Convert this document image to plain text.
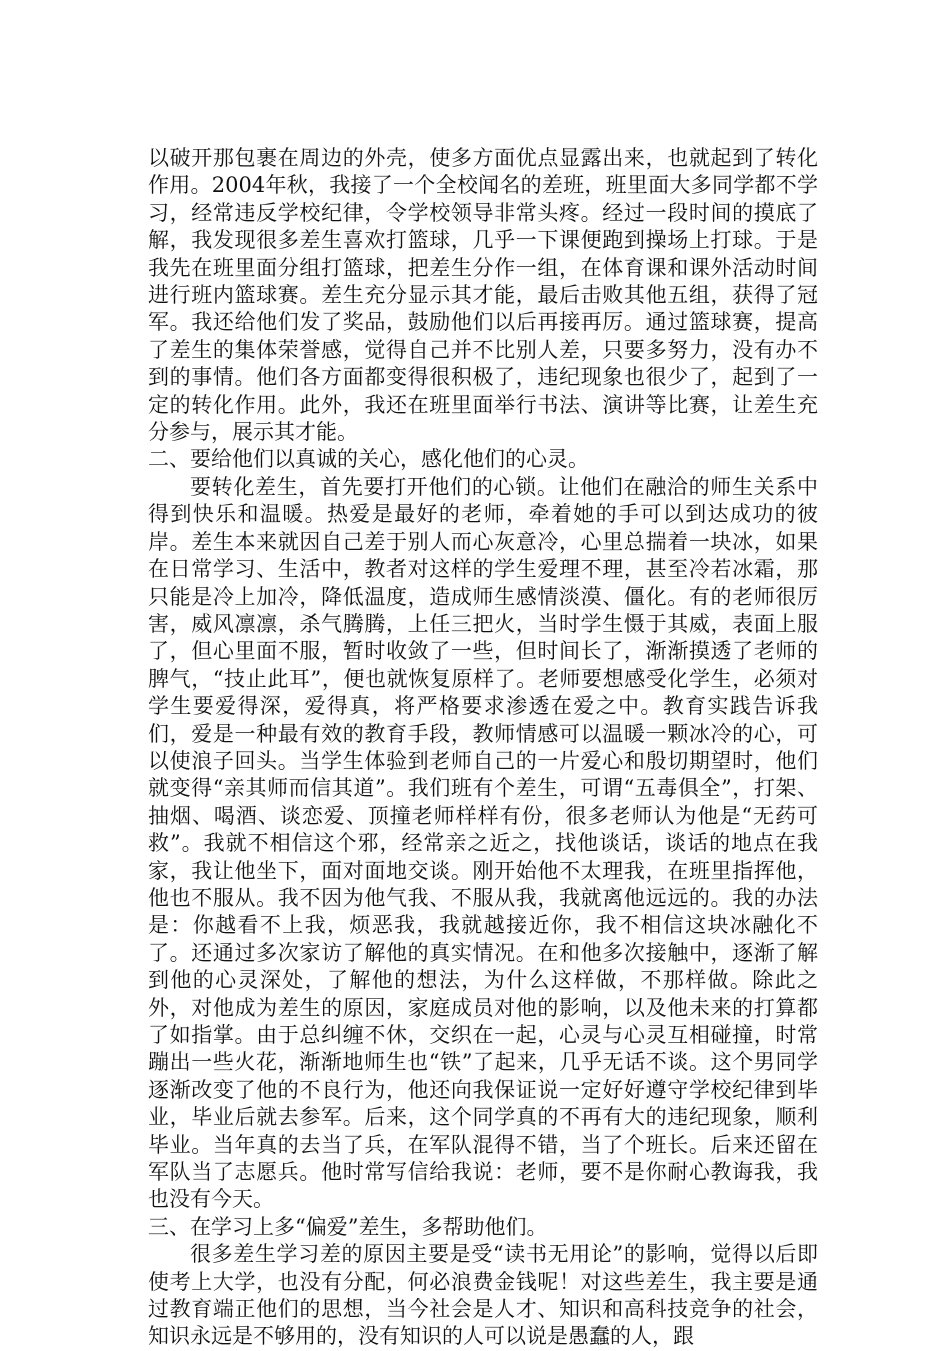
以破开那包裹在周边的外壳，使多方面优点显露出来，也就起到了转化作用。2004年秋，我接了一个全校闻名的差班，班里面大多同学都不学习，经常违反学校纪律，令学校领导非常头疼。经过一段时间的摸底了解，我发现很多差生喜欢打篮球，几乎一下课便跑到操场上打球。于是我先在班里面分组打篮球，把差生分作一组，在体育课和课外活动时间进行班内篮球赛。差生充分显示其才能，最后击败其他五组，获得了冠军。我还给他们发了奖品，鼓励他们以后再接再厉。通过篮球赛，提高了差生的集体荣誉感，觉得自己并不比别人差，只要多努力，没有办不到的事情。他们各方面都变得很积极了，违纪现象也很少了，起到了一定的转化作用。此外，我还在班里面举行书法、演讲等比赛，让差生充分参与，展示其才能。

二、要给他们以真诚的关心，感化他们的心灵。

要转化差生，首先要打开他们的心锁。让他们在融洽的师生关系中得到快乐和温暖。热爱是最好的老师，牵着她的手可以到达成功的彼岸。差生本来就因自己差于别人而心灰意冷，心里总揣着一块冰，如果在日常学习、生活中，教者对这样的学生爱理不理，甚至冷若冰霜，那只能是冷上加冷，降低温度，造成师生感情淡漠、僵化。有的老师很厉害，威风凛凛，杀气腾腾，上任三把火，当时学生慑于其威，表面上服了，但心里面不服，暂时收敛了一些，但时间长了，渐渐摸透了老师的脾气，“技止此耳”，便也就恢复原样了。老师要想感受化学生，必须对学生要爱得深，爱得真，将严格要求渗透在爱之中。教育实践告诉我们，爱是一种最有效的教育手段，教师情感可以温暖一颗冰冷的心，可以使浪子回头。当学生体验到老师自己的一片爱心和殷切期望时，他们就变得“亲其师而信其道”。我们班有个差生，可谓“五毒俱全”，打架、抽烟、喝酒、谈恋爱、顶撞老师样样有份，很多老师认为他是“无药可救”。我就不相信这个邪，经常亲之近之，找他谈话，谈话的地点在我家，我让他坐下，面对面地交谈。刚开始他不太理我，在班里指挥他，他也不服从。我不因为他气我、不服从我，我就离他远远的。我的办法是：你越看不上我，烦恶我，我就越接近你，我不相信这块冰融化不了。还通过多次家访了解他的真实情况。在和他多次接触中，逐渐了解到他的心灵深处，了解他的想法，为什么这样做，不那样做。除此之外，对他成为差生的原因，家庭成员对他的影响，以及他未来的打算都了如指掌。由于总纠缠不休，交织在一起，心灵与心灵互相碰撞，时常蹦出一些火花，渐渐地师生也“铁”了起来，几乎无话不谈。这个男同学逐渐改变了他的不良行为，他还向我保证说一定好好遵守学校纪律到毕业，毕业后就去参军。后来，这个同学真的不再有大的违纪现象，顺利毕业。当年真的去当了兵，在军队混得不错，当了个班长。后来还留在军队当了志愿兵。他时常写信给我说：老师，要不是你耐心教诲我，我也没有今天。

三、在学习上多“偏爱”差生，多帮助他们。

很多差生学习差的原因主要是受“读书无用论”的影响，觉得以后即使考上大学，也没有分配，何必浪费金钱呢！对这些差生，我主要是通过教育端正他们的思想，当今社会是人才、知识和高科技竞争的社会，知识永远是不够用的，没有知识的人可以说是愚蠢的人，跟
